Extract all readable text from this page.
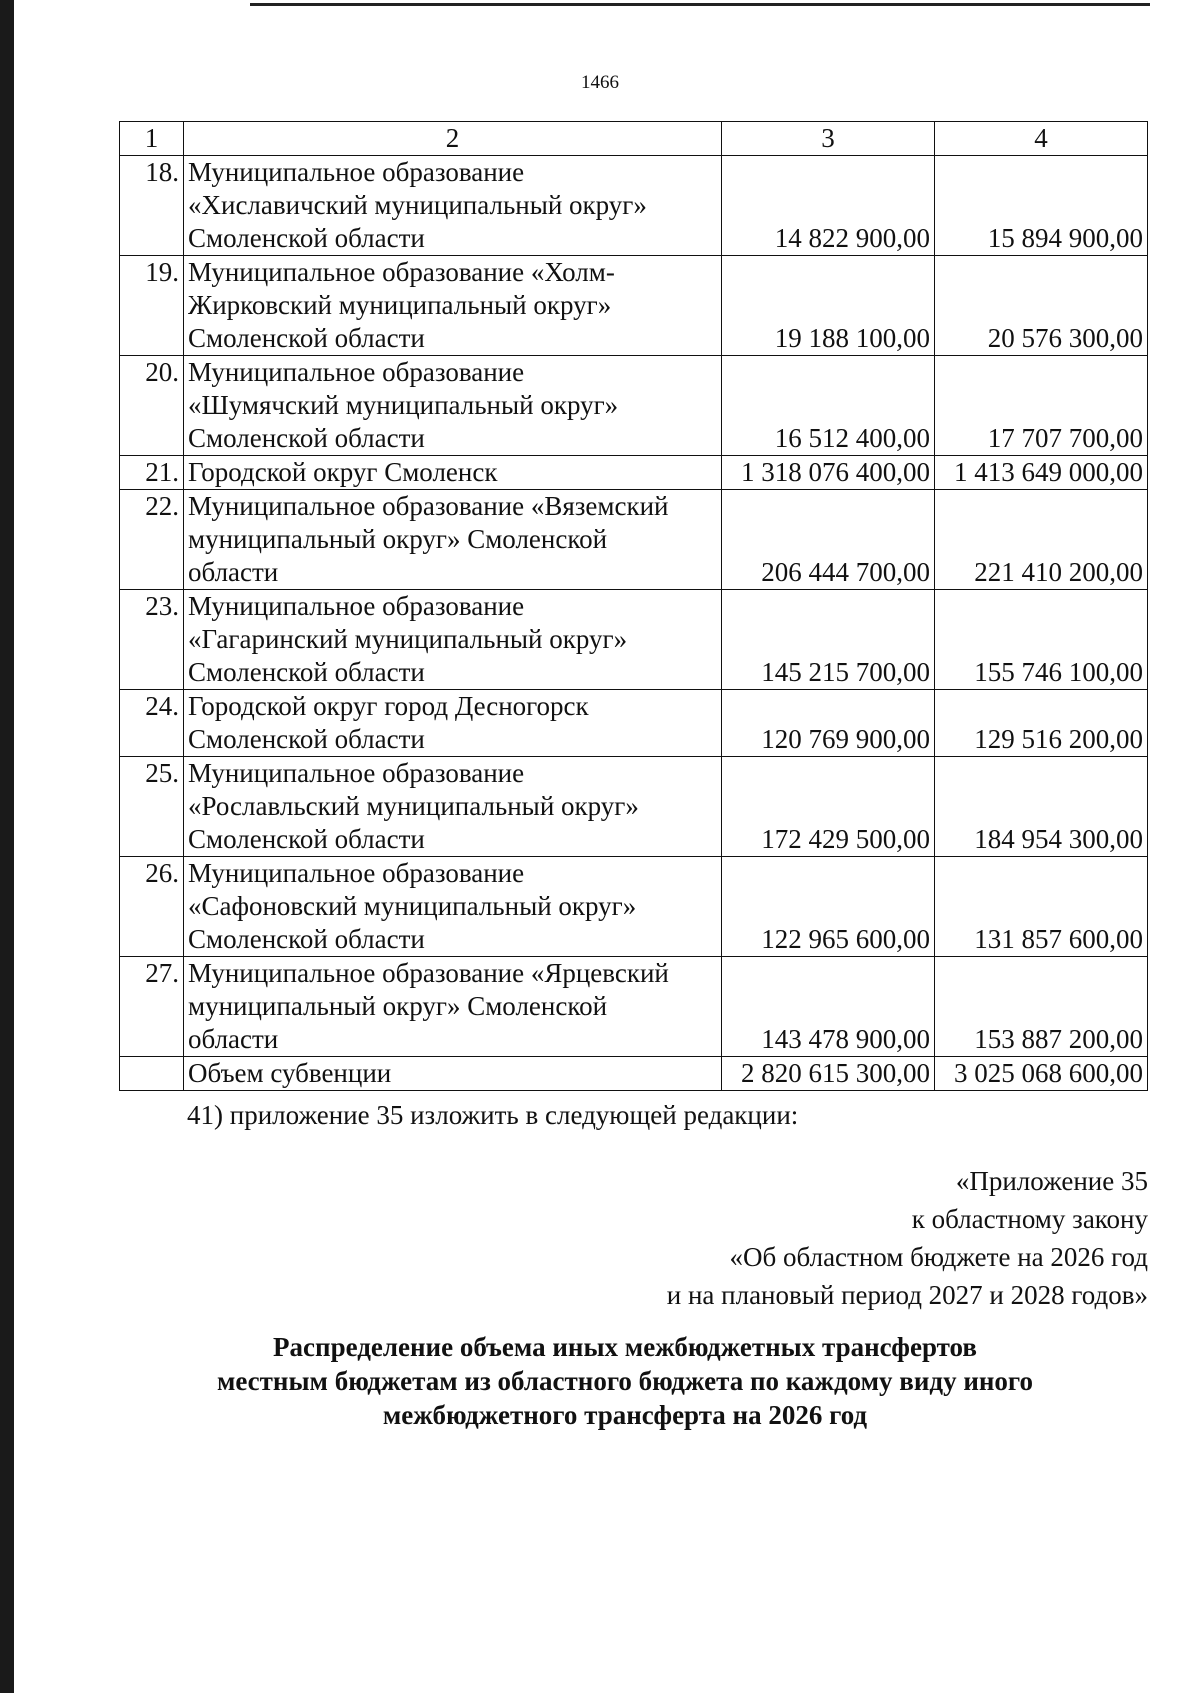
1466
1	2	3	4
18.	Муниципальное образование
«Хиславичский муниципальный округ»
Смоленской области	14 822 900,00	15 894 900,00
19.	Муниципальное образование «Холм-
Жирковский муниципальный округ»
Смоленской области	19 188 100,00	20 576 300,00
20.	Муниципальное образование
«Шумячский муниципальный округ»
Смоленской области	16 512 400,00	17 707 700,00
21.	Городской округ Смоленск	1 318 076 400,00	1 413 649 000,00
22.	Муниципальное образование «Вяземский
муниципальный округ» Смоленской
области	206 444 700,00	221 410 200,00
23.	Муниципальное образование
«Гагаринский муниципальный округ»
Смоленской области	145 215 700,00	155 746 100,00
24.	Городской округ город Десногорск
Смоленской области	120 769 900,00	129 516 200,00
25.	Муниципальное образование
«Рославльский муниципальный округ»
Смоленской области	172 429 500,00	184 954 300,00
26.	Муниципальное образование
«Сафоновский муниципальный округ»
Смоленской области	122 965 600,00	131 857 600,00
27.	Муниципальное образование «Ярцевский
муниципальный округ» Смоленской
области	143 478 900,00	153 887 200,00
	Объем субвенции	2 820 615 300,00	3 025 068 600,00
41) приложение 35 изложить в следующей редакции:
«Приложение 35
к областному закону
«Об областном бюджете на 2026 год
и на плановый период 2027 и 2028 годов»
Распределение объема иных межбюджетных трансфертов
местным бюджетам из областного бюджета по каждому виду иного
межбюджетного трансферта на 2026 год
